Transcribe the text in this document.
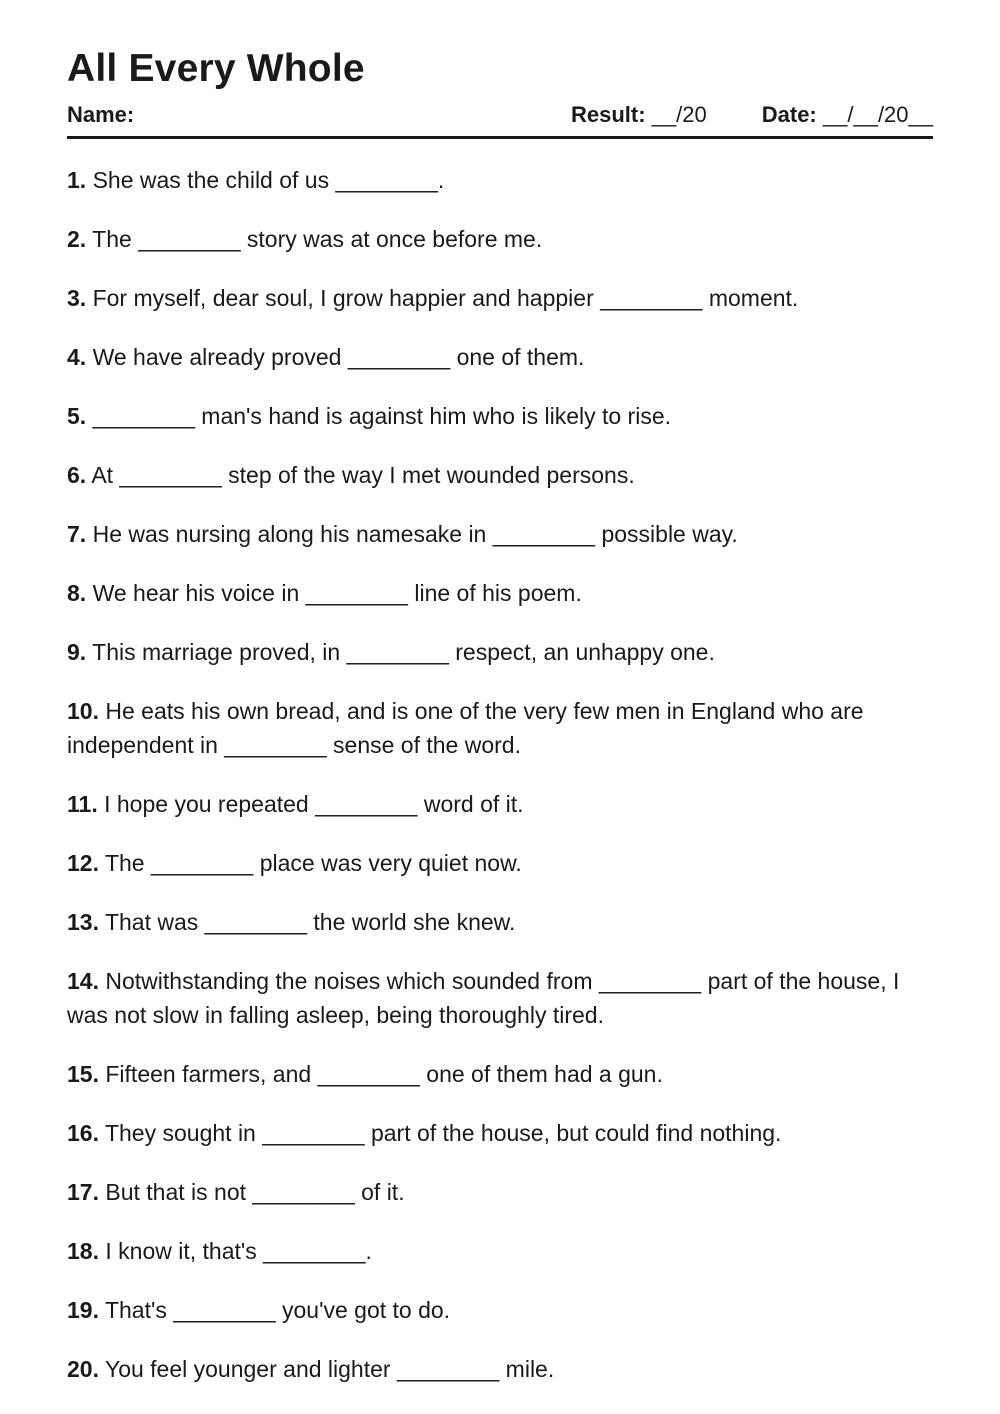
All Every Whole
Name:	Result: __/20	Date: __/__/20__
1. She was the child of us ________.
2. The ________ story was at once before me.
3. For myself, dear soul, I grow happier and happier ________ moment.
4. We have already proved ________ one of them.
5. ________ man's hand is against him who is likely to rise.
6. At ________ step of the way I met wounded persons.
7. He was nursing along his namesake in ________ possible way.
8. We hear his voice in ________ line of his poem.
9. This marriage proved, in ________ respect, an unhappy one.
10. He eats his own bread, and is one of the very few men in England who are independent in ________ sense of the word.
11. I hope you repeated ________ word of it.
12. The ________ place was very quiet now.
13. That was ________ the world she knew.
14. Notwithstanding the noises which sounded from ________ part of the house, I was not slow in falling asleep, being thoroughly tired.
15. Fifteen farmers, and ________ one of them had a gun.
16. They sought in ________ part of the house, but could find nothing.
17. But that is not ________ of it.
18. I know it, that's ________.
19. That's ________ you've got to do.
20. You feel younger and lighter ________ mile.
